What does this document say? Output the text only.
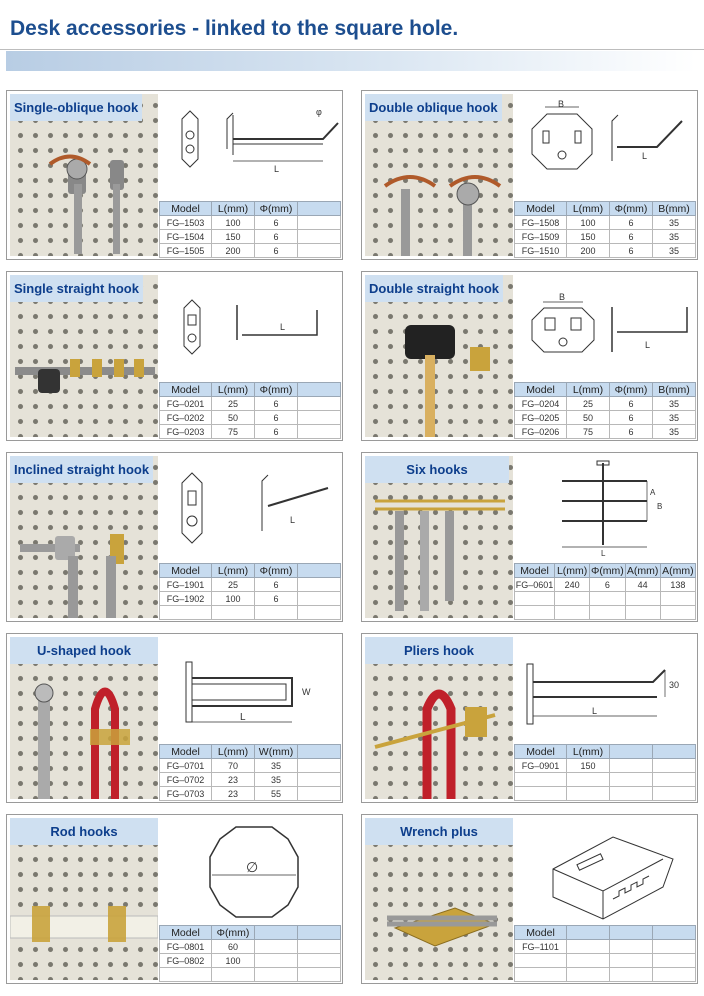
Desk accessories - linked to the square hole.
Single-oblique hook
L
φ
Model	L(mm)	Φ(mm)	
FG–1503	100	6	
FG–1504	150	6	
FG–1505	200	6	
Double oblique hook	B
L
Model	L(mm)	Φ(mm)	B(mm)
FG–1508	100	6	35
FG–1509	150	6	35
FG–1510	200	6	35
Single straight hook
L
Model	L(mm)	Φ(mm)	
FG–0201	25	6	
FG–0202	50	6	
FG–0203	75	6	
Double straight hook
B
L
Model	L(mm)	Φ(mm)	B(mm)
FG–0204	25	6	35
FG–0205	50	6	35
FG–0206	75	6	35
Inclined straight hook
L
Model	L(mm)	Φ(mm)	
FG–1901	25	6	
FG–1902	100	6	

Six hooks
L
A
B
Model	L(mm)	Φ(mm)	A(mm)	A(mm)
FG–0601	240	6	44	138

U-shaped hook
L
W
Model	L(mm)	W(mm)	
FG–0701	70	35	
FG–0702	23	35	
FG–0703	23	55	
Pliers hook
30
L
Model	L(mm)		
FG–0901	150		

Rod hooks
∅
Model	Φ(mm)		
FG–0801	60		
FG–0802	100		

Wrench plus
Model			
FG–1101			
